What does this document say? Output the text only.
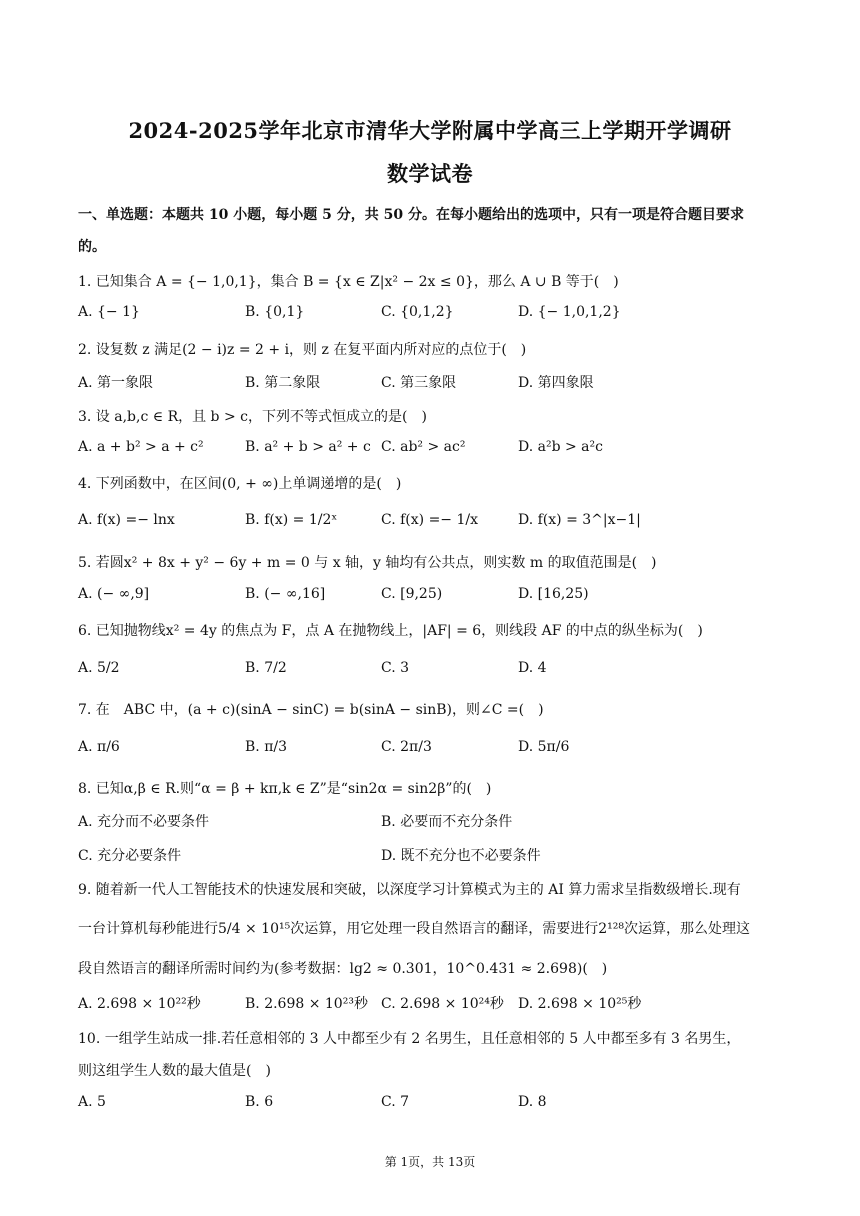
2024-2025学年北京市清华大学附属中学高三上学期开学调研
数学试卷
一、单选题：本题共 10 小题，每小题 5 分，共 50 分。在每小题给出的选项中，只有一项是符合题目要求
的。
1. 已知集合 A = {− 1,0,1}，集合 B = {x ∈ Z|x² − 2x ≤ 0}，那么 A ∪ B 等于(　)
A. {− 1}	B. {0,1}	C. {0,1,2}	D. {− 1,0,1,2}
2. 设复数 z 满足(2 − i)z = 2 + i，则 z 在复平面内所对应的点位于(　)
A. 第一象限	B. 第二象限	C. 第三象限	D. 第四象限
3. 设 a,b,c ∈ R，且 b > c，下列不等式恒成立的是(　)
A. a + b² > a + c²	B. a² + b > a² + c C. ab² > ac²	D. a²b > a²c
4. 下列函数中，在区间(0, + ∞)上单调递增的是(　)
A. f(x) =− lnx	B. f(x) = 1/2ˣ	C. f(x) =− 1/x	D. f(x) = 3^|x−1|
5. 若圆x² + 8x + y² − 6y + m = 0 与 x 轴，y 轴均有公共点，则实数 m 的取值范围是(　)
A. (− ∞,9]	B. (− ∞,16]	C. [9,25)	D. [16,25)
6. 已知抛物线x² = 4y 的焦点为 F，点 A 在抛物线上，|AF| = 6，则线段 AF 的中点的纵坐标为(　)
A. 5/2	B. 7/2	C. 3	D. 4
7. 在　ABC 中，(a + c)(sinA − sinC) = b(sinA − sinB)，则∠C =(　)
A. π/6	B. π/3	C. 2π/3	D. 5π/6
8. 已知α,β ∈ R.则“α = β + kπ,k ∈ Z”是“sin2α = sin2β”的(　)
A. 充分而不必要条件	B. 必要而不充分条件
C. 充分必要条件	D. 既不充分也不必要条件
9. 随着新一代人工智能技术的快速发展和突破，以深度学习计算模式为主的 AI 算力需求呈指数级增长.现有
一台计算机每秒能进行5/4 × 10¹⁵次运算，用它处理一段自然语言的翻译，需要进行2¹²⁸次运算，那么处理这
段自然语言的翻译所需时间约为(参考数据：lg2 ≈ 0.301，10^0.431 ≈ 2.698)(　)
A. 2.698 × 10²²秒	B. 2.698 × 10²³秒 C. 2.698 × 10²⁴秒 D. 2.698 × 10²⁵秒
10. 一组学生站成一排.若任意相邻的 3 人中都至少有 2 名男生，且任意相邻的 5 人中都至多有 3 名男生，
则这组学生人数的最大值是(　)
A. 5	B. 6	C. 7	D. 8
第 1页，共 13页
